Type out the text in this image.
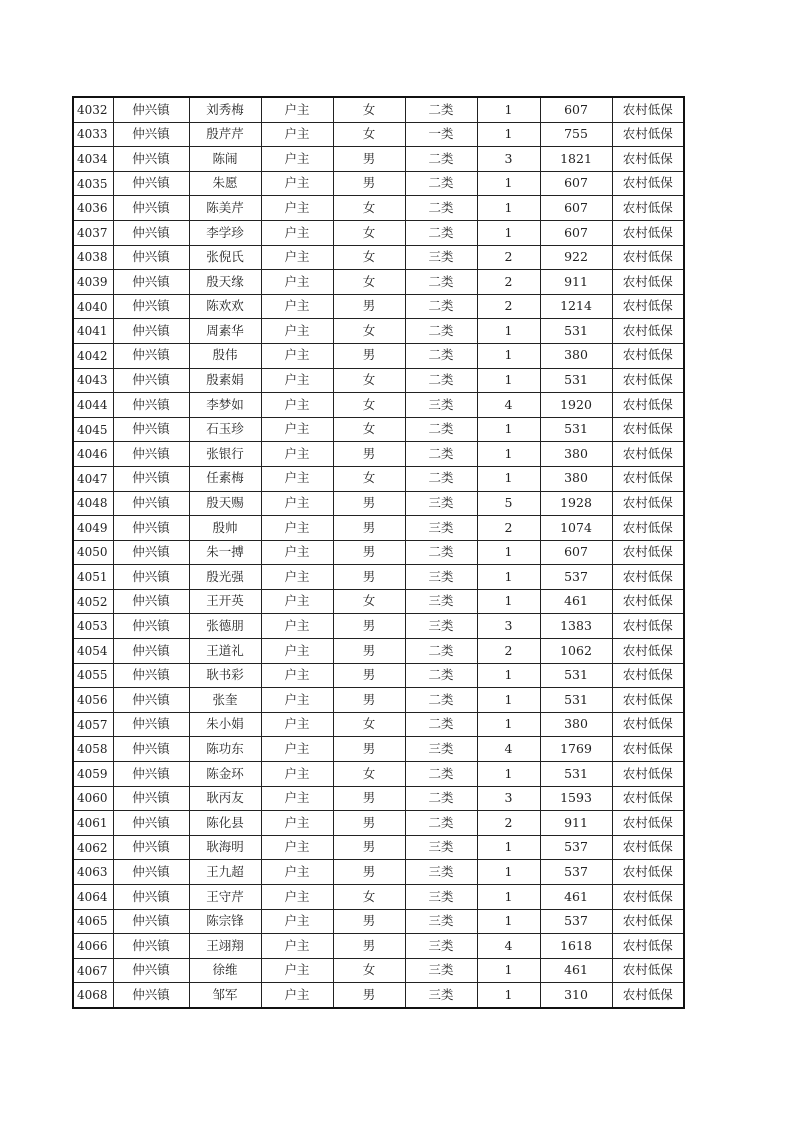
4032	仲兴镇	刘秀梅	户主	女	二类	1	607	农村低保
4033	仲兴镇	殷芹芹	户主	女	一类	1	755	农村低保
4034	仲兴镇	陈闹	户主	男	二类	3	1821	农村低保
4035	仲兴镇	朱愿	户主	男	二类	1	607	农村低保
4036	仲兴镇	陈美芹	户主	女	二类	1	607	农村低保
4037	仲兴镇	李学珍	户主	女	二类	1	607	农村低保
4038	仲兴镇	张倪氏	户主	女	三类	2	922	农村低保
4039	仲兴镇	殷天缘	户主	女	二类	2	911	农村低保
4040	仲兴镇	陈欢欢	户主	男	二类	2	1214	农村低保
4041	仲兴镇	周素华	户主	女	二类	1	531	农村低保
4042	仲兴镇	殷伟	户主	男	二类	1	380	农村低保
4043	仲兴镇	殷素娟	户主	女	二类	1	531	农村低保
4044	仲兴镇	李梦如	户主	女	三类	4	1920	农村低保
4045	仲兴镇	石玉珍	户主	女	二类	1	531	农村低保
4046	仲兴镇	张银行	户主	男	二类	1	380	农村低保
4047	仲兴镇	任素梅	户主	女	二类	1	380	农村低保
4048	仲兴镇	殷天赐	户主	男	三类	5	1928	农村低保
4049	仲兴镇	殷帅	户主	男	三类	2	1074	农村低保
4050	仲兴镇	朱一搏	户主	男	二类	1	607	农村低保
4051	仲兴镇	殷光强	户主	男	三类	1	537	农村低保
4052	仲兴镇	王开英	户主	女	三类	1	461	农村低保
4053	仲兴镇	张德朋	户主	男	三类	3	1383	农村低保
4054	仲兴镇	王道礼	户主	男	二类	2	1062	农村低保
4055	仲兴镇	耿书彩	户主	男	二类	1	531	农村低保
4056	仲兴镇	张奎	户主	男	二类	1	531	农村低保
4057	仲兴镇	朱小娟	户主	女	二类	1	380	农村低保
4058	仲兴镇	陈功东	户主	男	三类	4	1769	农村低保
4059	仲兴镇	陈金环	户主	女	二类	1	531	农村低保
4060	仲兴镇	耿丙友	户主	男	二类	3	1593	农村低保
4061	仲兴镇	陈化县	户主	男	二类	2	911	农村低保
4062	仲兴镇	耿海明	户主	男	三类	1	537	农村低保
4063	仲兴镇	王九超	户主	男	三类	1	537	农村低保
4064	仲兴镇	王守芹	户主	女	三类	1	461	农村低保
4065	仲兴镇	陈宗锋	户主	男	三类	1	537	农村低保
4066	仲兴镇	王翊翔	户主	男	三类	4	1618	农村低保
4067	仲兴镇	徐维	户主	女	三类	1	461	农村低保
4068	仲兴镇	邹军	户主	男	三类	1	310	农村低保
